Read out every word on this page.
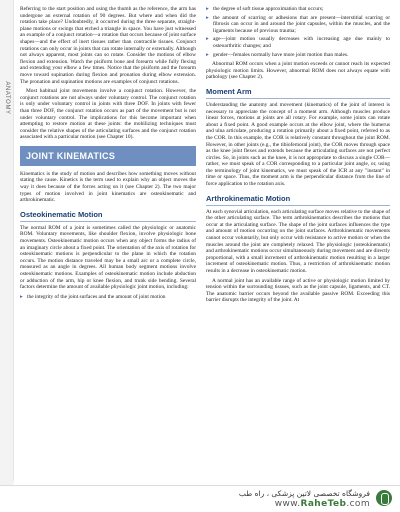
ANATOMY

Referring to the start position and using the thumb as the reference, the arm has undergone an external rotation of 90 degrees. But where and when did the rotation take place? Undoubtedly, it occurred during the three separate, straight-plane motions or swings that etched a triangle in space. You have just witnessed an example of a conjunct rotation—a rotation that occurs because of joint surface shapes—and the effect of inert tissues rather than contractile tissues. Conjunct rotations can only occur in joints that can rotate internally or externally. Although not always apparent, most joints can so rotate. Consider the motions of elbow flexion and extension. Watch the pisiform bone and forearm while fully flexing and extending your elbow a few times. Notice that the pisiform and the forearm move toward supination during flexion and pronation during elbow extension. The pronation and supination motions are examples of conjunct rotations.

Most habitual joint movements involve a conjunct rotation. However, the conjunct rotations are not always under voluntary control. The conjunct rotation is only under voluntary control in joints with three DOF. In joints with fewer than three DOF, the conjunct rotation occurs as part of the movement but is not under voluntary control. The implications for this become important when attempting to restore motion at these joints: the mobilizing techniques must consider the relative shapes of the articulating surfaces and the conjunct rotation associated with a particular motion (see Chapter 10).

JOINT KINEMATICS

Kinematics is the study of motion and describes how something moves without stating the cause. Kinetics is the term used to explain why an object moves the way it does because of the forces acting on it (see Chapter 2). The two major types of motion involved in joint kinematics are osteokinematic and arthrokinematic.

Osteokinematic Motion

The normal ROM of a joint is sometimes called the physiologic or anatomic ROM. Voluntary movements, like shoulder flexion, involve physiologic bone movements. Osteokinematic motion occurs when any object forms the radius of an imaginary circle about a fixed point. The orientation of the axis of rotation for osteokinematic motions is perpendicular to the plane in which the rotation occurs. The motion distance traveled may be a small arc or a complete circle, measured as an angle in degrees. All human body segment motions involve osteokinematic motions. Examples of osteokinematic motion include abduction or adduction of the arm, hip or knee flexion, and trunk side bending. Several factors determine the amount of available physiologic joint motion, including:

▸ the integrity of the joint surfaces and the amount of joint motion
▸ the degree of soft tissue approximation that occurs;
▸ the amount of scarring or adhesions that are present—interstitial scarring or fibrosis can occur in and around the joint capsules, within the muscles, and the ligaments because of previous trauma;
▸ age—joint motion usually decreases with increasing age due mainly to osteoarthritic changes; and
▸ gender—females normally have more joint motion than males.

Abnormal ROM occurs when a joint motion exceeds or cannot reach its expected physiologic motion limits. However, abnormal ROM does not always equate with pathology (see Chapter 2).

Moment Arm

Understanding the anatomy and movement (kinematics) of the joint of interest is necessary to appreciate the concept of a moment arm. Although muscles produce linear forces, motions at joints are all rotary. For example, some joints can rotate about a fixed point. A good example occurs at the elbow joint, where the humerus and ulna articulate, producing a rotation primarily about a fixed point, referred to as the COR. In this example, the COR is relatively constant throughout the joint ROM. However, in other joints (e.g., the tibiofemoral joint), the COR moves through space as the knee joint flexes and extends because the articulating surfaces are not perfect circles. So, in joints such as the knee, it is not appropriate to discuss a single COR—rather, we must speak of a COR corresponding to a particular joint angle, or, using the terminology of joint kinematics, we must speak of the ICR at any "instant" in time or space. Thus, the moment arm is the perpendicular distance from the line of force application to the rotation axis.

Arthrokinematic Motion

At each synovial articulation, each articulating surface moves relative to the shape of the other articulating surface. The term arthrokinematics describes the motions that occur at the articulating surface. The shape of the joint surfaces influences the type and amount of motion occurring on the joint surfaces. Arthrokinematic movements cannot occur voluntarily, but only occur with resistance to active motion or when the muscles around the joint are completely relaxed. The physiologic (osteokinematic) and arthrokinematic motions occur simultaneously during movement and are directly proportional, with a small increment of arthrokinematic motion resulting in a larger increment of osteokinematic motion. Thus, a restriction of arthrokinematic motion results in a decrease in osteokinematic motion.

A normal joint has an available range of active or physiologic motion limited by tension within the surrounding tissues, such as the joint capsule, ligaments, and CT. The anatomic barrier occurs beyond the available passive ROM. Exceeding this barrier disrupts the integrity of the joint. At

فروشگاه تخصصی لاتین پزشکی ، راه طب
www.RaheTeb.com
